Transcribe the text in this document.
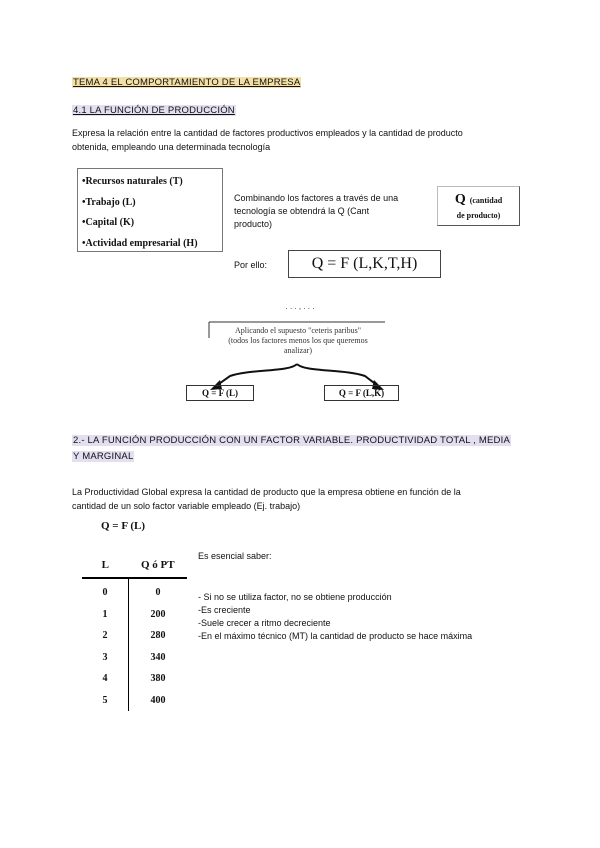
TEMA 4 EL COMPORTAMIENTO DE LA EMPRESA
4.1 LA FUNCIÓN DE PRODUCCIÓN
Expresa la relación entre la cantidad de factores productivos empleados y la cantidad de producto
obtenida, empleando una determinada tecnología
•Recursos naturales (T)
•Trabajo (L)
•Capital (K)
•Actividad empresarial (H)
Combinando los factores a través de una
tecnología se obtendrá la Q (Cant
producto)
Q (cantidad
de producto)
Por ello:	Q = F (L,K,T,H)
. . . , . . .
Aplicando el supuesto "ceteris paribus"
(todos los factores menos los que queremos
analizar)
Q = F (L)	Q = F (L,K)
2.- LA FUNCIÓN PRODUCCIÓN CON UN FACTOR VARIABLE. PRODUCTIVIDAD TOTAL , MEDIA
Y MARGINAL
La Productividad Global expresa la cantidad de producto que la empresa obtiene en función de la
cantidad de un solo factor variable empleado (Ej. trabajo)
Q = F (L)
L	Q ó PT
0	0
1	200
2	280
3	340
4	380
5	400
Es esencial saber:
- Si no se utiliza factor, no se obtiene producción
-Es creciente
-Suele crecer a ritmo decreciente
-En el máximo técnico (MT) la cantidad de producto se hace máxima
